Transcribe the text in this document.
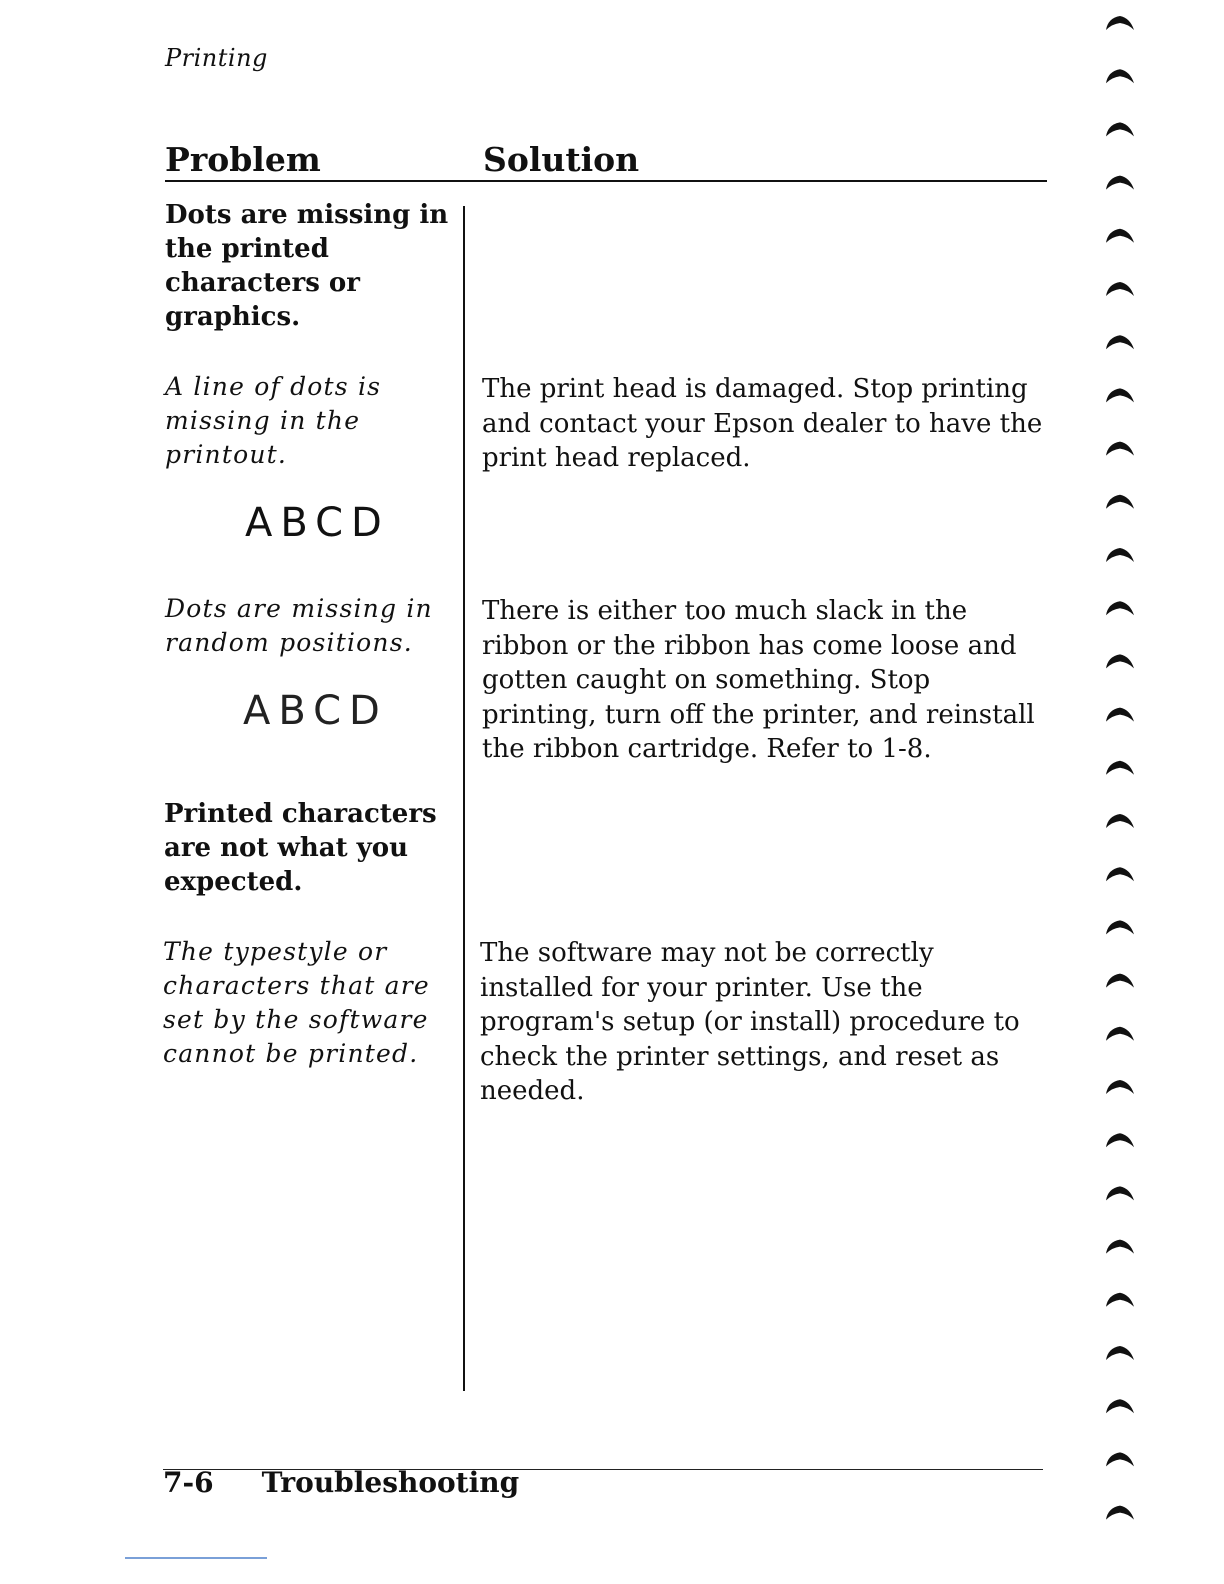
Printing
Problem	Solution
Dots are missing in the printed characters or graphics.
A line of dots is missing in the printout.
ABCD
The print head is damaged. Stop printing and contact your Epson dealer to have the print head replaced.
Dots are missing in random positions.
ABCD
There is either too much slack in the ribbon or the ribbon has come loose and gotten caught on something. Stop printing, turn off the printer, and reinstall the ribbon cartridge. Refer to 1-8.
Printed characters are not what you expected.
The typestyle or characters that are set by the software cannot be printed.
The software may not be correctly installed for your printer. Use the program's setup (or install) procedure to check the printer settings, and reset as needed.
7-6 Troubleshooting
